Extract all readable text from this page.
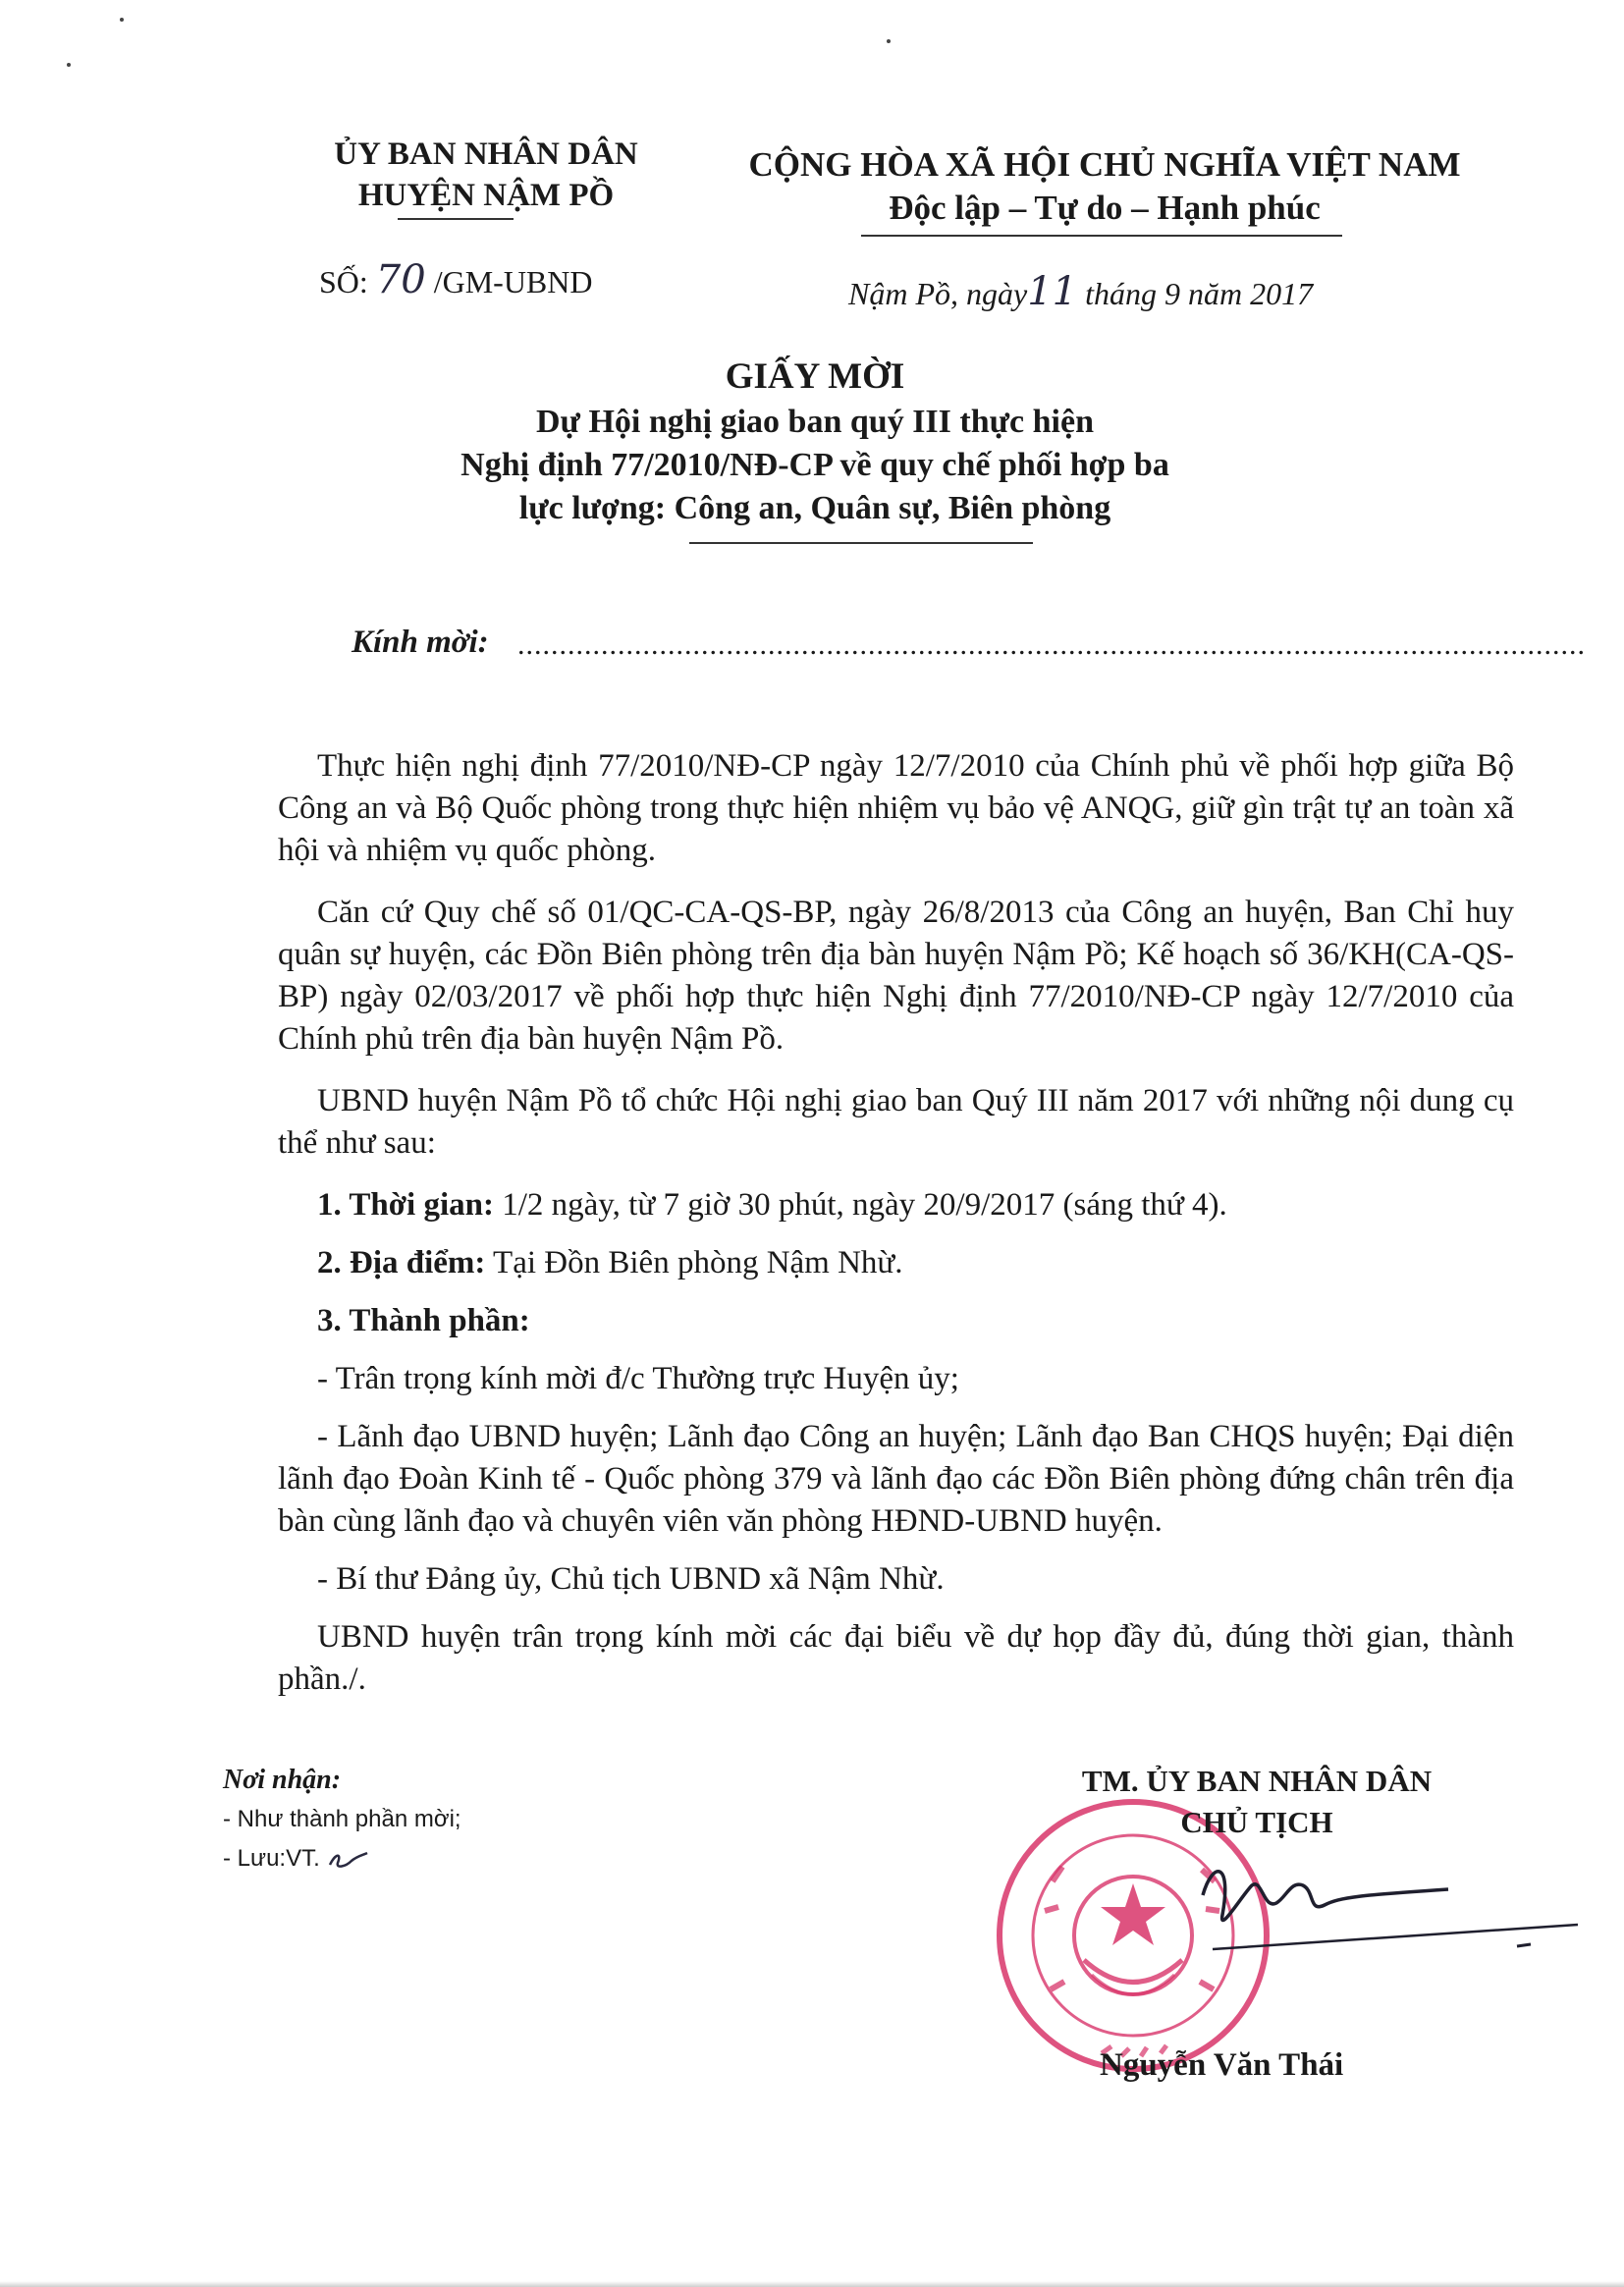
ỦY BAN NHÂN DÂN
HUYỆN NẬM PỒ
CỘNG HÒA XÃ HỘI CHỦ NGHĨA VIỆT NAM
Độc lập – Tự do – Hạnh phúc
SỐ: 70 /GM-UBND	Nậm Pồ, ngày11 tháng 9 năm 2017
GIẤY MỜI
Dự Hội nghị giao ban quý III thực hiện
Nghị định 77/2010/NĐ-CP về quy chế phối hợp ba
lực lượng: Công an, Quân sự, Biên phòng
Kính mời: ................................................................................................................................

Thực hiện nghị định 77/2010/NĐ-CP ngày 12/7/2010 của Chính phủ về phối hợp giữa Bộ Công an và Bộ Quốc phòng trong thực hiện nhiệm vụ bảo vệ ANQG, giữ gìn trật tự an toàn xã hội và nhiệm vụ quốc phòng.

Căn cứ Quy chế số 01/QC-CA-QS-BP, ngày 26/8/2013 của Công an huyện, Ban Chỉ huy quân sự huyện, các Đồn Biên phòng trên địa bàn huyện Nậm Pồ; Kế hoạch số 36/KH(CA-QS-BP) ngày 02/03/2017 về phối hợp thực hiện Nghị định 77/2010/NĐ-CP ngày 12/7/2010 của Chính phủ trên địa bàn huyện Nậm Pồ.

UBND huyện Nậm Pồ tổ chức Hội nghị giao ban Quý III năm 2017 với những nội dung cụ thể như sau:

1. Thời gian: 1/2 ngày, từ 7 giờ 30 phút, ngày 20/9/2017 (sáng thứ 4).

2. Địa điểm: Tại Đồn Biên phòng Nậm Nhừ.

3. Thành phần:

- Trân trọng kính mời đ/c Thường trực Huyện ủy;

- Lãnh đạo UBND huyện; Lãnh đạo Công an huyện; Lãnh đạo Ban CHQS huyện; Đại diện lãnh đạo Đoàn Kinh tế - Quốc phòng 379 và lãnh đạo các Đồn Biên phòng đứng chân trên địa bàn cùng lãnh đạo và chuyên viên văn phòng HĐND-UBND huyện.

- Bí thư Đảng ủy, Chủ tịch UBND xã Nậm Nhừ.

UBND huyện trân trọng kính mời các đại biểu về dự họp đầy đủ, đúng thời gian, thành phần./.

Nơi nhận:
- Như thành phần mời;
- Lưu:VT.
TM. ỦY BAN NHÂN DÂN
CHỦ TỊCH
Nguyễn Văn Thái
